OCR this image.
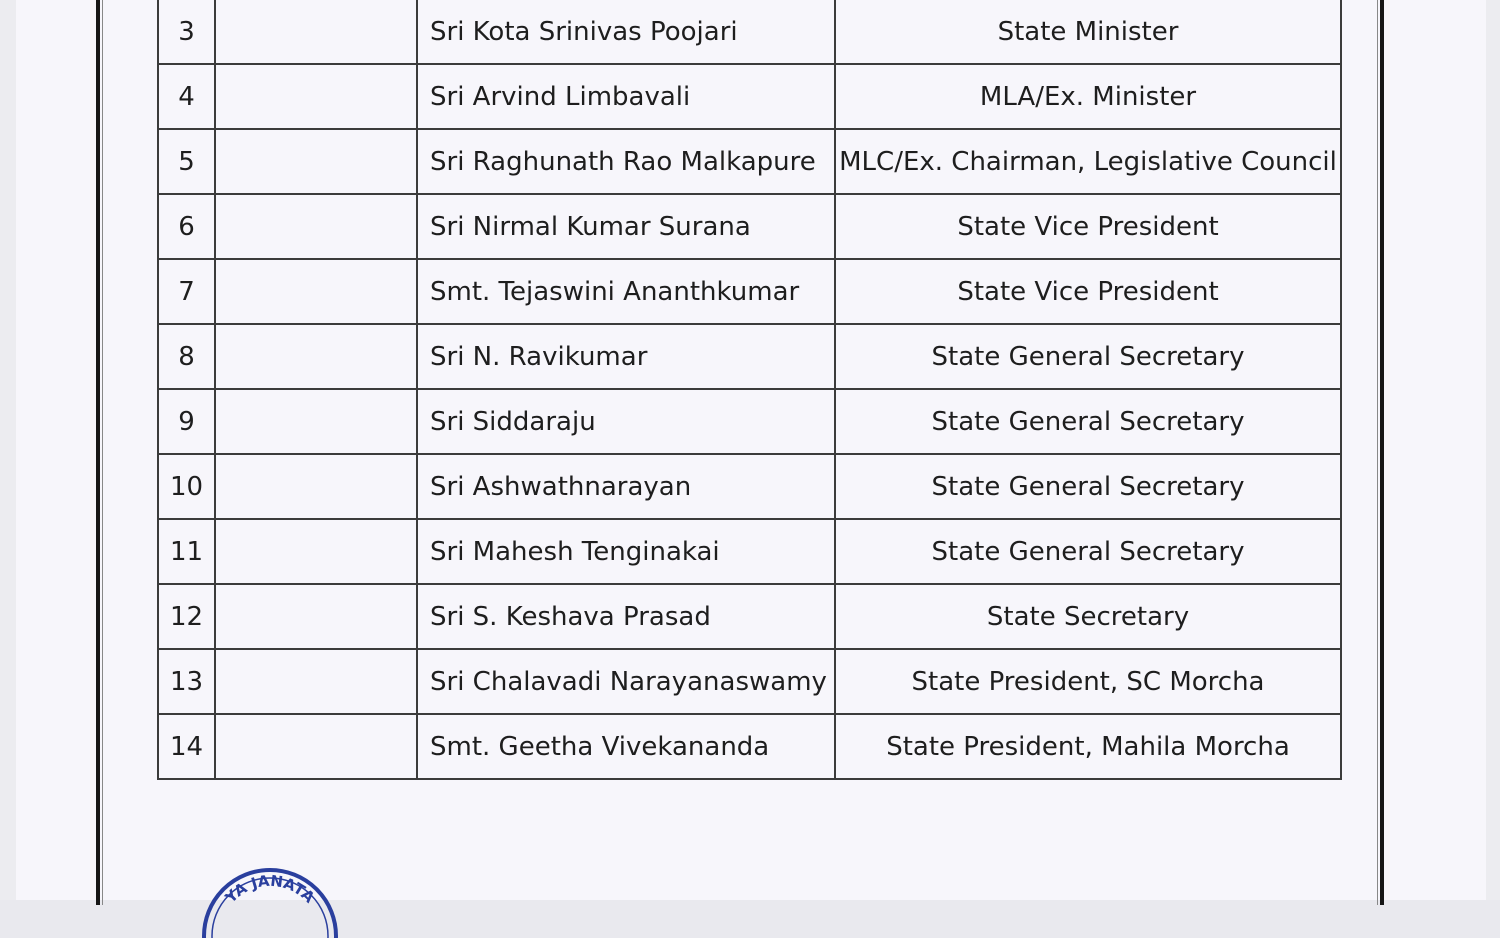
3		Sri Kota Srinivas Poojari	State Minister
4		Sri Arvind Limbavali	MLA/Ex. Minister
5		Sri Raghunath Rao Malkapure	MLC/Ex. Chairman, Legislative Council
6		Sri Nirmal Kumar Surana	State Vice President
7		Smt. Tejaswini Ananthkumar	State Vice President
8		Sri N. Ravikumar	State General Secretary
9		Sri Siddaraju	State General Secretary
10		Sri Ashwathnarayan	State General Secretary
11		Sri Mahesh Tenginakai	State General Secretary
12		Sri S. Keshava Prasad	State Secretary
13		Sri Chalavadi Narayanaswamy	State President, SC Morcha
14		Smt. Geetha Vivekananda	State President, Mahila Morcha
YA JANATA
